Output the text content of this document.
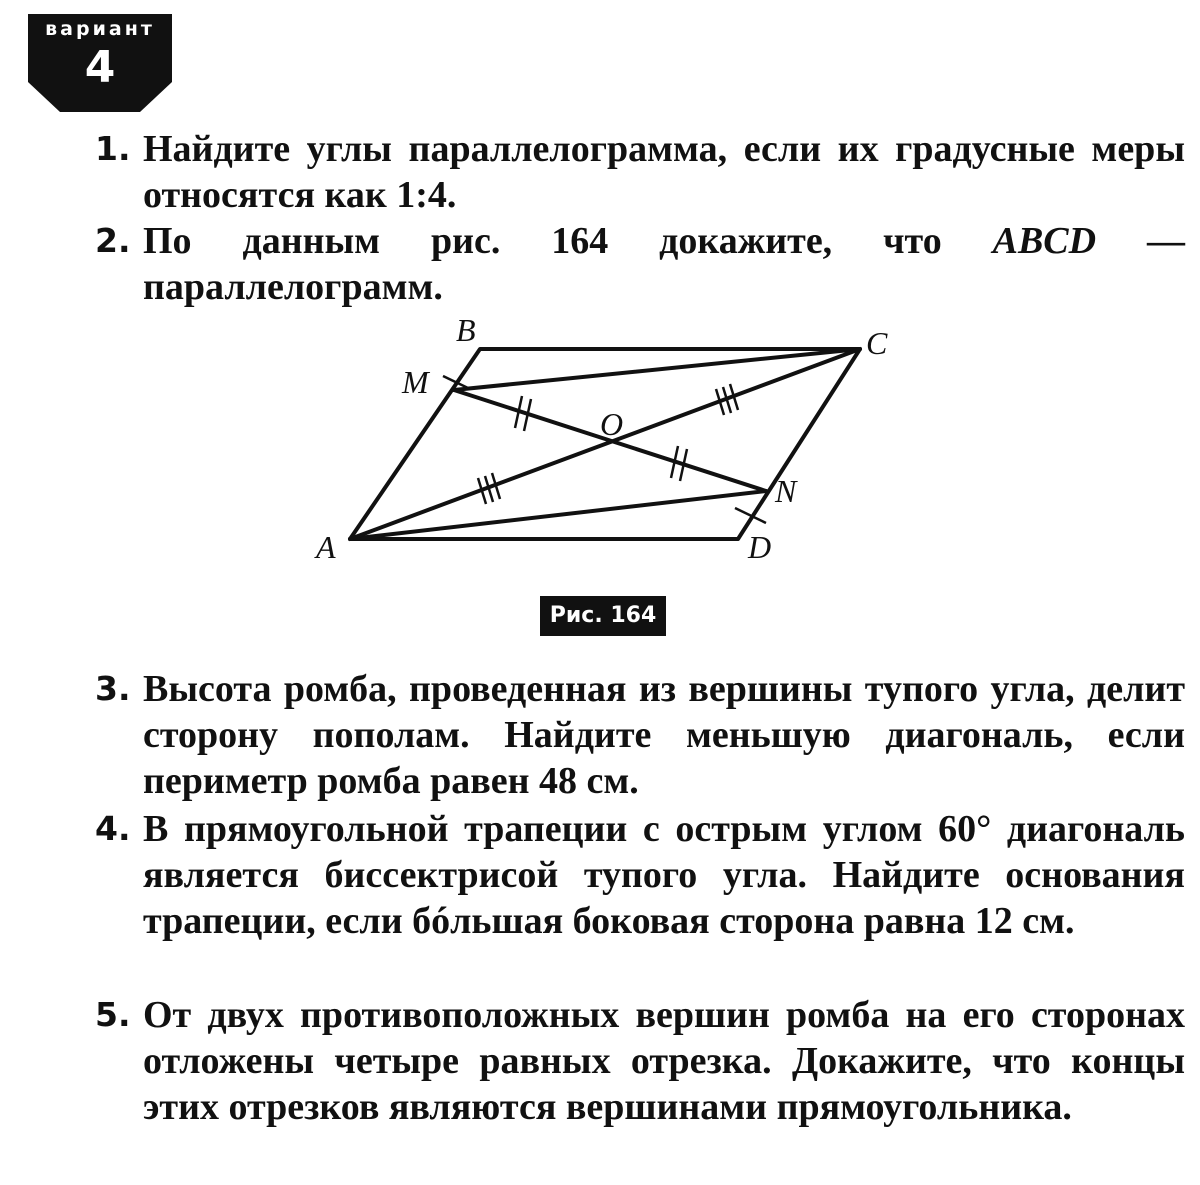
вариант
4
1. Найдите углы параллелограмма, если их градусные меры относятся как 1:4.
2. По данным рис. 164 докажите, что ABCD — параллелограмм.
B	C
M
O
N
A	D
Рис. 164
3. Высота ромба, проведенная из вершины тупого угла, делит сторону пополам. Найдите меньшую диагональ, если периметр ромба равен 48 см.
4. В прямоугольной трапеции с острым углом 60° диагональ является биссектрисой тупого угла. Найдите основания трапеции, если бóльшая боковая сторона равна 12 см.
5. От двух противоположных вершин ромба на его сторонах отложены четыре равных отрезка. Докажите, что концы этих отрезков являются вершинами прямоугольника.
